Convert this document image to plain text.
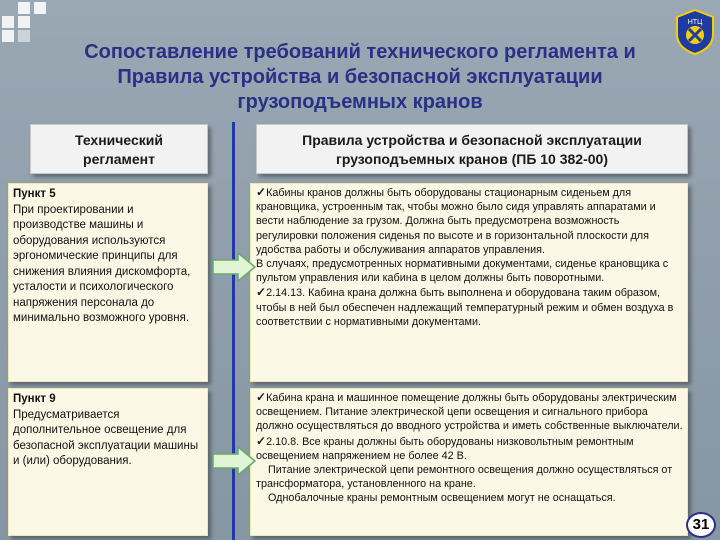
НТЦ
Сопоставление требований технического регламента и
Правила устройства и безопасной эксплуатации
грузоподъемных кранов
Технический
регламент
Правила устройства и безопасной эксплуатации
грузоподъемных кранов (ПБ 10 382-00)
Пункт 5
При проектировании и производстве машины и оборудования используются эргономические принципы для снижения влияния дискомфорта, усталости и психологического напряжения персонала до минимально возможного уровня.

✓Кабины кранов должны быть оборудованы стационарным сиденьем для крановщика, устроенным так, чтобы можно было сидя управлять аппаратами и вести наблюдение за грузом. Должна быть предусмотрена возможность регулировки положения сиденья по высоте и в горизонтальной плоскости для удобства работы и обслуживания аппаратов управления.

В случаях, предусмотренных нормативными документами, сиденье крановщика с пультом управления или кабина в целом должны быть поворотными.

✓2.14.13. Кабина крана должна быть выполнена и оборудована таким образом, чтобы в ней был обеспечен надлежащий температурный режим и обмен воздуха в соответствии с нормативными документами.

Пункт 9
Предусматривается дополнительное освещение для безопасной эксплуатации машины и (или) оборудования.

✓Кабина крана и машинное помещение должны быть оборудованы электрическим освещением. Питание электрической цепи освещения и сигнального прибора должно осуществляться до вводного устройства и иметь собственные выключатели.

✓2.10.8. Все краны должны быть оборудованы низковольтным ремонтным освещением напряжением не более 42 В.

Питание электрической цепи ремонтного освещения должно осуществляться от трансформатора, установленного на кране.

Однобалочные краны ремонтным освещением могут не оснащаться.

31
